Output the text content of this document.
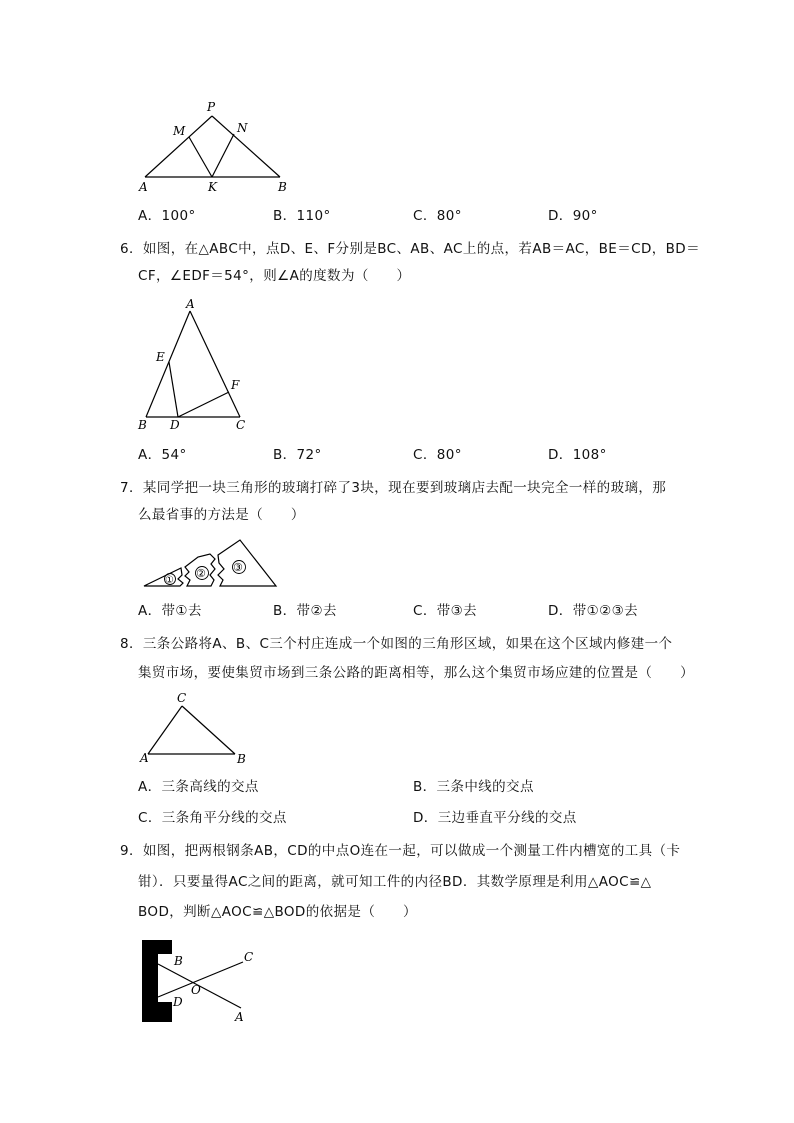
P
M	N
A	K	B
A．100°	B．110°	C．80°	D．90°
6．如图，在△ABC中，点D、E、F分别是BC、AB、AC上的点，若AB＝AC，BE＝CD，BD＝
CF，∠EDF＝54°，则∠A的度数为（　　）
A
E
F
B D	C
A．54°	B．72°	C．80°	D．108°
7．某同学把一块三角形的玻璃打碎了3块，现在要到玻璃店去配一块完全一样的玻璃，那
么最省事的方法是（　　）
①
② ③
A．带①去	B．带②去	C．带③去	D．带①②③去
8．三条公路将A、B、C三个村庄连成一个如图的三角形区域，如果在这个区域内修建一个
集贸市场，要使集贸市场到三条公路的距离相等，那么这个集贸市场应建的位置是（　　）
C
A	B
A．三条高线的交点	B．三条中线的交点
C．三条角平分线的交点	D．三边垂直平分线的交点
9．如图，把两根钢条AB，CD的中点O连在一起，可以做成一个测量工件内槽宽的工具（卡
钳）．只要量得AC之间的距离，就可知工件的内径BD．其数学原理是利用△AOC≌△
BOD，判断△AOC≌△BOD的依据是（　　）
B	C
O
D
A
